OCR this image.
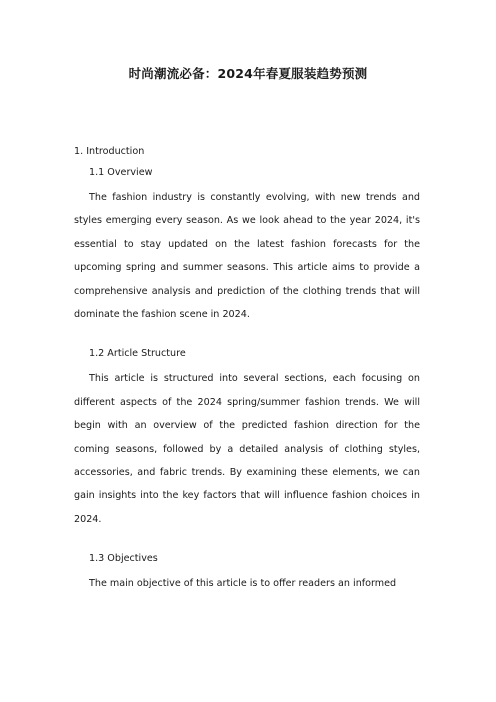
时尚潮流必备：2024年春夏服装趋势预测

1. Introduction

1.1 Overview

The fashion industry is constantly evolving, with new trends and styles emerging every season. As we look ahead to the year 2024, it's essential to stay updated on the latest fashion forecasts for the upcoming spring and summer seasons. This article aims to provide a comprehensive analysis and prediction of the clothing trends that will dominate the fashion scene in 2024.

1.2 Article Structure

This article is structured into several sections, each focusing on different aspects of the 2024 spring/summer fashion trends. We will begin with an overview of the predicted fashion direction for the coming seasons, followed by a detailed analysis of clothing styles, accessories, and fabric trends. By examining these elements, we can gain insights into the key factors that will influence fashion choices in 2024.

1.3 Objectives

The main objective of this article is to offer readers an informed
